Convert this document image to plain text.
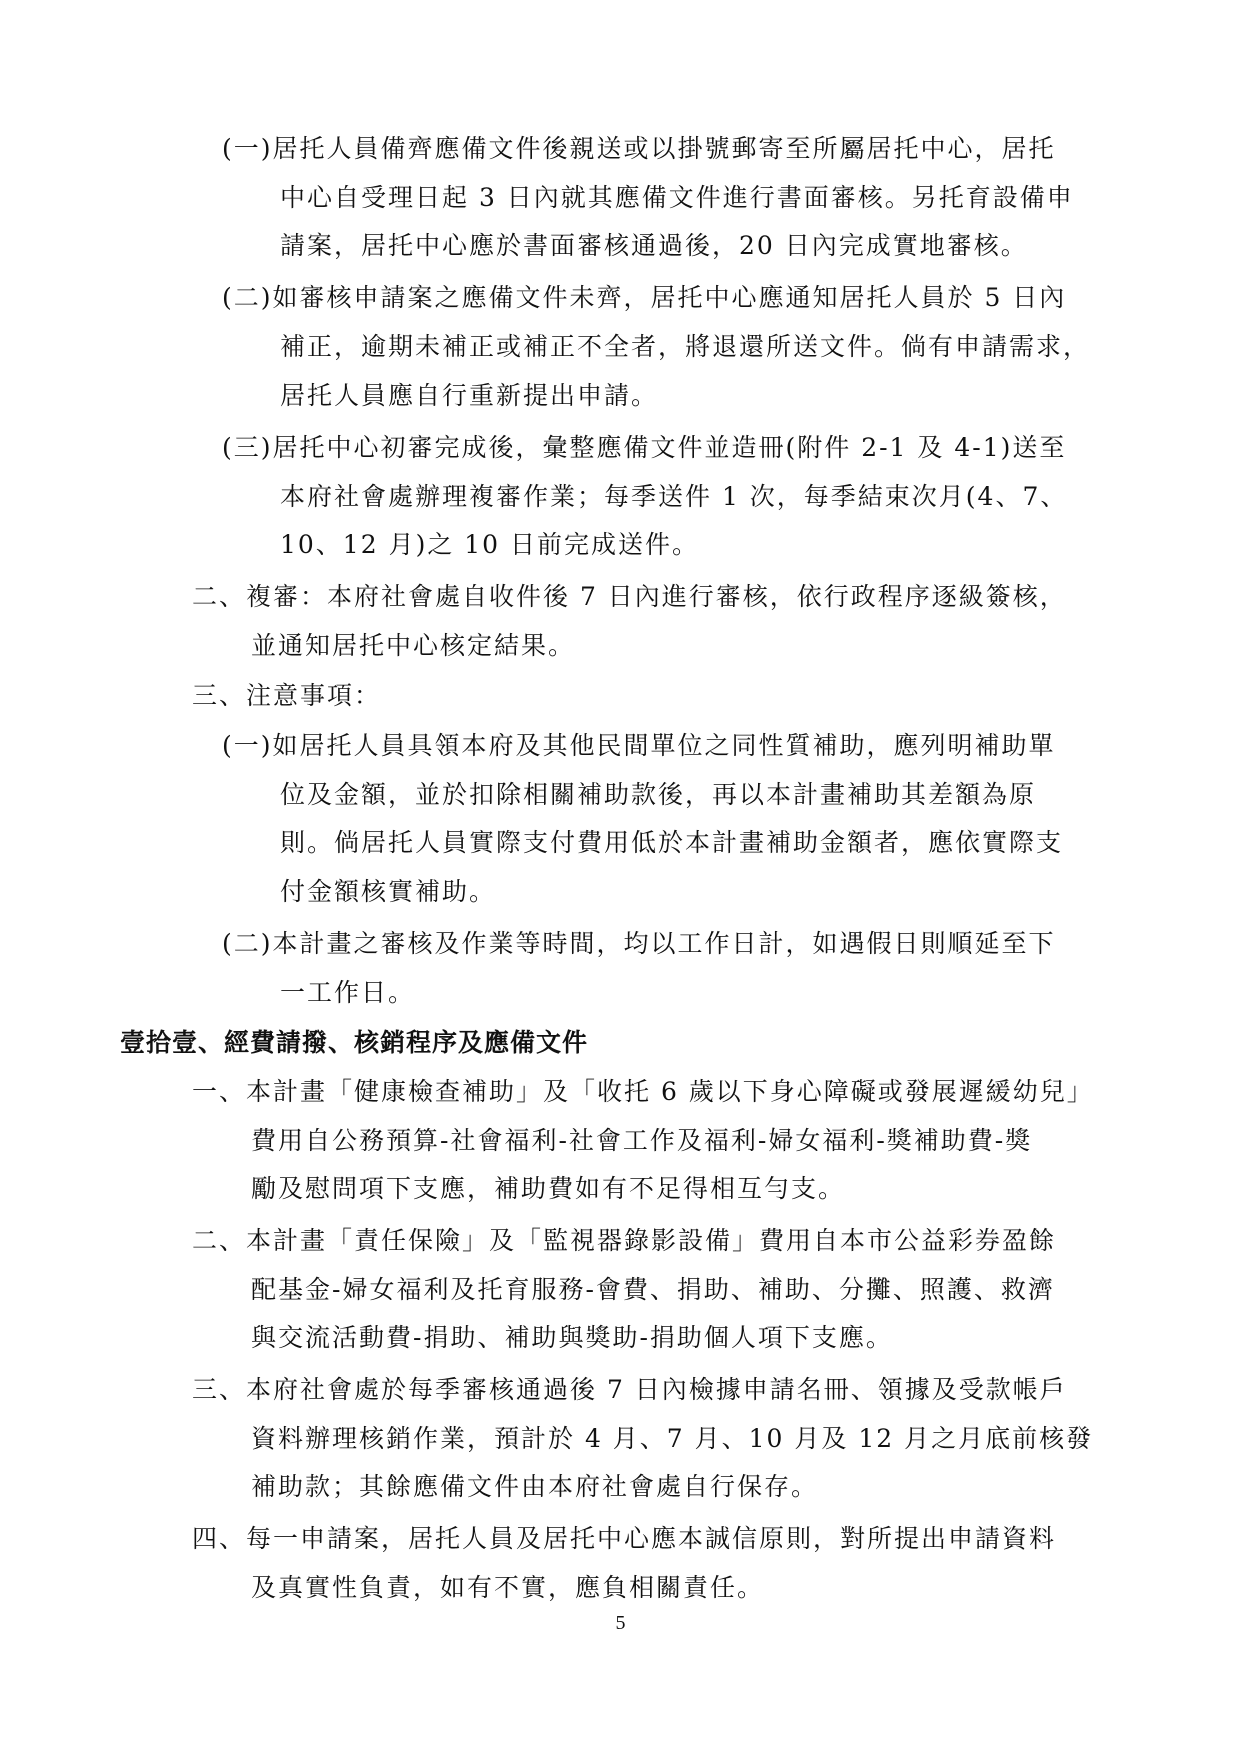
(一)居托人員備齊應備文件後親送或以掛號郵寄至所屬居托中心，居托
中心自受理日起 3 日內就其應備文件進行書面審核。另托育設備申
請案，居托中心應於書面審核通過後，20 日內完成實地審核。
(二)如審核申請案之應備文件未齊，居托中心應通知居托人員於 5 日內
補正，逾期未補正或補正不全者，將退還所送文件。倘有申請需求，
居托人員應自行重新提出申請。
(三)居托中心初審完成後，彙整應備文件並造冊(附件 2-1 及 4-1)送至
本府社會處辦理複審作業；每季送件 1 次，每季結束次月(4、7、
10、12 月)之 10 日前完成送件。
二、複審：本府社會處自收件後 7 日內進行審核，依行政程序逐級簽核，
並通知居托中心核定結果。
三、注意事項：
(一)如居托人員具領本府及其他民間單位之同性質補助，應列明補助單
位及金額，並於扣除相關補助款後，再以本計畫補助其差額為原
則。倘居托人員實際支付費用低於本計畫補助金額者，應依實際支
付金額核實補助。
(二)本計畫之審核及作業等時間，均以工作日計，如遇假日則順延至下
一工作日。
壹拾壹、經費請撥、核銷程序及應備文件
一、本計畫「健康檢查補助」及「收托 6 歲以下身心障礙或發展遲緩幼兒」
費用自公務預算-社會福利-社會工作及福利-婦女福利-獎補助費-獎
勵及慰問項下支應，補助費如有不足得相互勻支。
二、本計畫「責任保險」及「監視器錄影設備」費用自本市公益彩券盈餘
配基金-婦女福利及托育服務-會費、捐助、補助、分攤、照護、救濟
與交流活動費-捐助、補助與獎助-捐助個人項下支應。
三、本府社會處於每季審核通過後 7 日內檢據申請名冊、領據及受款帳戶
資料辦理核銷作業，預計於 4 月、7 月、10 月及 12 月之月底前核發
補助款；其餘應備文件由本府社會處自行保存。
四、每一申請案，居托人員及居托中心應本誠信原則，對所提出申請資料
及真實性負責，如有不實，應負相關責任。
5
